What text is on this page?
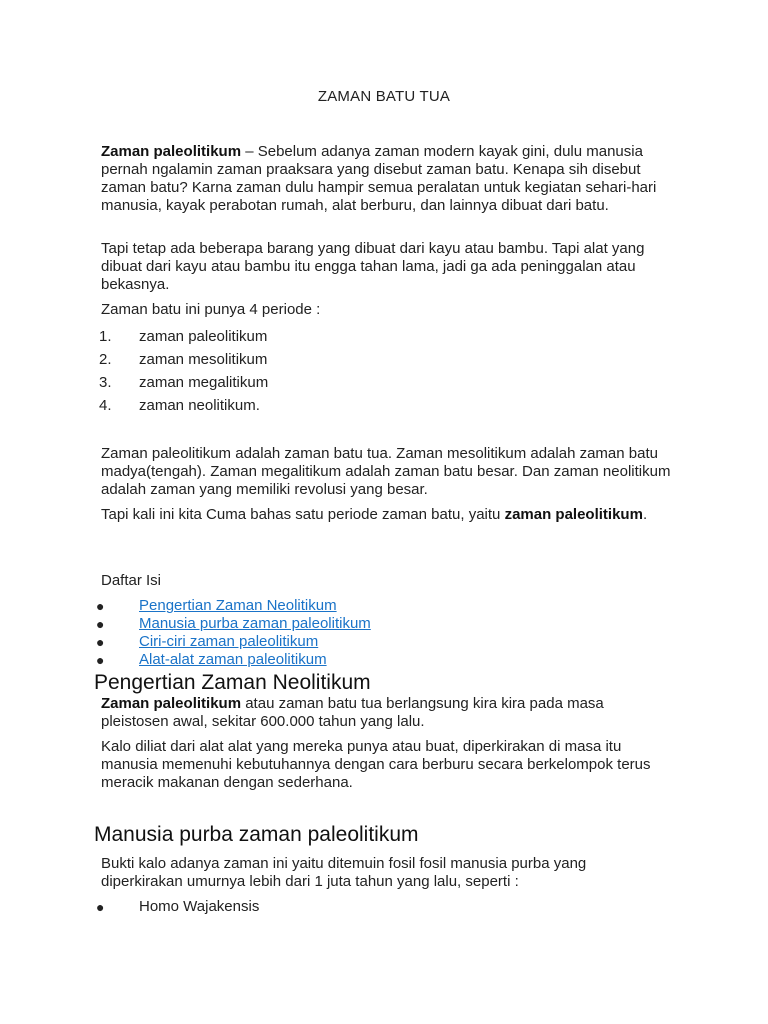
ZAMAN BATU TUA

Zaman paleolitikum – Sebelum adanya zaman modern kayak gini, dulu manusia pernah ngalamin zaman praaksara yang disebut zaman batu. Kenapa sih disebut zaman batu? Karna zaman dulu hampir semua peralatan untuk kegiatan sehari-hari manusia, kayak perabotan rumah, alat berburu, dan lainnya dibuat dari batu.

Tapi tetap ada beberapa barang yang dibuat dari kayu atau bambu. Tapi alat yang dibuat dari kayu atau bambu itu engga tahan lama, jadi ga ada peninggalan atau bekasnya.

Zaman batu ini punya 4 periode :

1. zaman paleolitikum
2. zaman mesolitikum
3. zaman megalitikum
4. zaman neolitikum.

Zaman paleolitikum adalah zaman batu tua. Zaman mesolitikum adalah zaman batu madya(tengah). Zaman megalitikum adalah zaman batu besar. Dan zaman neolitikum adalah zaman yang memiliki revolusi yang besar.

Tapi kali ini kita Cuma bahas satu periode zaman batu, yaitu zaman paleolitikum.

Daftar Isi

● Pengertian Zaman Neolitikum
● Manusia purba zaman paleolitikum
● Ciri-ciri zaman paleolitikum
● Alat-alat zaman paleolitikum
Pengertian Zaman Neolitikum

Zaman paleolitikum atau zaman batu tua berlangsung kira kira pada masa pleistosen awal, sekitar 600.000 tahun yang lalu.

Kalo diliat dari alat alat yang mereka punya atau buat, diperkirakan di masa itu manusia memenuhi kebutuhannya dengan cara berburu secara berkelompok terus meracik makanan dengan sederhana.

Manusia purba zaman paleolitikum

Bukti kalo adanya zaman ini yaitu ditemuin fosil fosil manusia purba yang diperkirakan umurnya lebih dari 1 juta tahun yang lalu, seperti :

● Homo Wajakensis
